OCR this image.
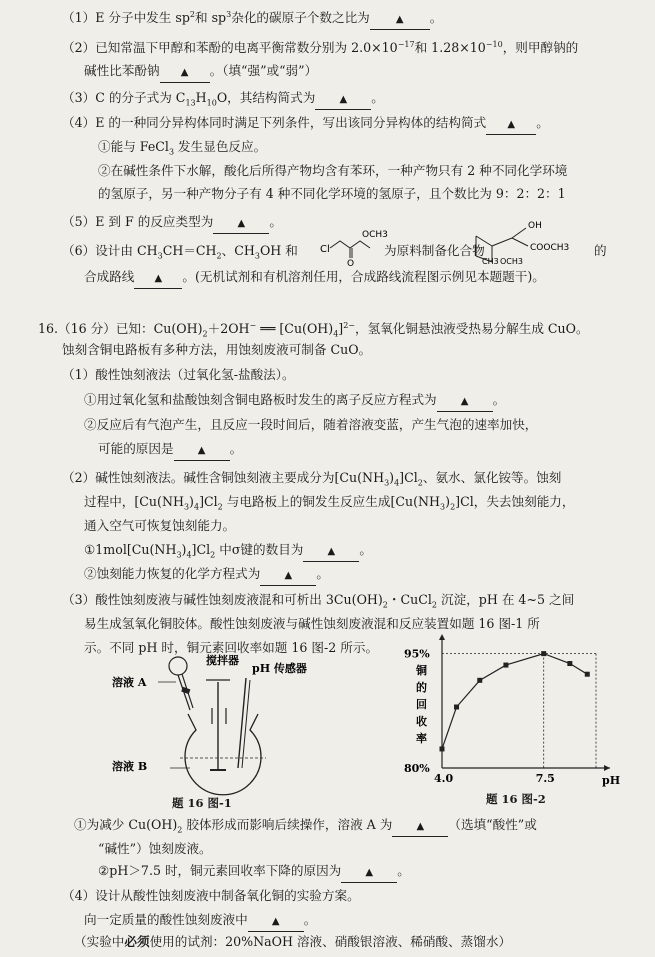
（1）E 分子中发生 $sp^2$和 $sp^3$杂化的碳原子个数之比为	▲ 。
（2）已知常温下甲醇和苯酚的电离平衡常数分别为 $2.0\times 10^{-17}$和 $1.28\times 10^{-10}$，则甲醇钠的
碱性比苯酚钠 ▲ 。（填“强”或“弱”）
（3）C 的分子式为 $C_{13}H_{10}O$，其结构简式为 ▲ 。
（4）E 的一种同分异构体同时满足下列条件，写出该同分异构体的结构简式 ▲ 。
①能与 FeCl$_3$ 发生显色反应。
②在碱性条件下水解，酸化后所得产物均含有苯环，一种产物只有 2 种不同化学环境
的氢原子，另一种产物分子有 4 种不同化学环境的氢原子，且个数比为 9：2：2：1
（5）E 到 F 的反应类型为 ▲ 。
（6）设计由 $CH_3CH=CH_2$、$CH_3OH$ 和 Cl
O
OCH3
为原料制备化合物
OH
COOCH3
CH3 OCH3
的
合成路线 ▲ 。(无机试剂和有机溶剂任用，合成路线流程图示例见本题题干)。
16.（16 分）已知：$Cu(OH)_2+2OH^-$ ══ $[Cu(OH)_4]^{2-}$，氢氧化铜悬浊液受热易分解生成 CuO。
蚀刻含铜电路板有多种方法，用蚀刻废液可制备 CuO。
（1）酸性蚀刻液法（过氧化氢-盐酸法）。
①用过氧化氢和盐酸蚀刻含铜电路板时发生的离子反应方程式为 ▲ 。
②反应后有气泡产生，且反应一段时间后，随着溶液变蓝，产生气泡的速率加快，
可能的原因是 ▲ 。
（2）碱性蚀刻液法。碱性含铜蚀刻液主要成分为$[Cu(NH_3)_4]Cl_2$、氨水、氯化铵等。蚀刻
过程中，$[Cu(NH_3)_4]Cl_2$ 与电路板上的铜发生反应生成$[Cu(NH_3)_2]Cl$，失去蚀刻能力，
通入空气可恢复蚀刻能力。
$①1mol[Cu(NH_3)_4]Cl_2$ 中σ键的数目为 ▲ 。
②蚀刻能力恢复的化学方程式为 ▲ 。
（3）酸性蚀刻废液与碱性蚀刻废液混和可析出 $3Cu(OH)_2$・CuCl$_2$ 沉淀，pH 在 4~5 之间
易生成氢氧化铜胶体。酸性蚀刻废液与碱性蚀刻废液混和反应装置如题 16 图-1 所
示。不同 pH 时，铜元素回收率如题 16 图-2 所示。
搅拌器
pH 传感器
溶液 A
溶液 B
题 16 图-1
95%
80%
4.0	7.5	pH
铜
的
回
收
率
题 16 图-2
①为减少 $Cu(OH)_2$ 胶体形成而影响后续操作，溶液 A 为 ▲ （选填“酸性”或
“碱性”）蚀刻废液。
②pH＞7.5 时，铜元素回收率下降的原因为 ▲ 。
（4）设计从酸性蚀刻废液中制备氧化铜的实验方案。
向一定质量的酸性蚀刻废液中 ▲ 。
（实验中必须使用的试剂：20%NaOH 溶液、硝酸银溶液、稀硝酸、蒸馏水）
